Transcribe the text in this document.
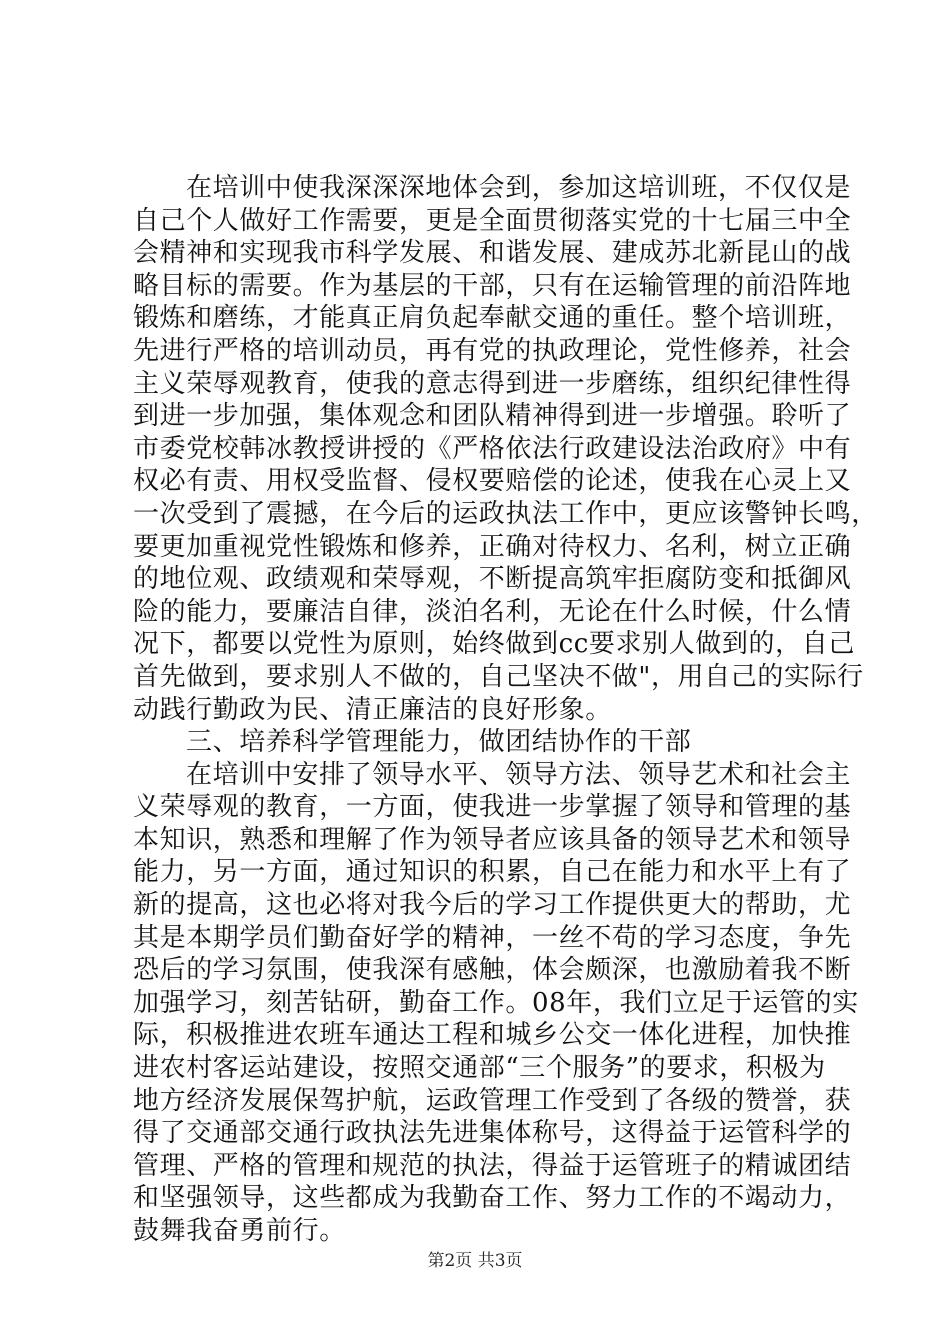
在培训中使我深深深地体会到，参加这培训班，不仅仅是
自己个人做好工作需要，更是全面贯彻落实党的十七届三中全
会精神和实现我市科学发展、和谐发展、建成苏北新昆山的战
略目标的需要。作为基层的干部，只有在运输管理的前沿阵地
锻炼和磨练，才能真正肩负起奉献交通的重任。整个培训班，
先进行严格的培训动员，再有党的执政理论，党性修养，社会
主义荣辱观教育，使我的意志得到进一步磨练，组织纪律性得
到进一步加强，集体观念和团队精神得到进一步增强。聆听了
市委党校韩冰教授讲授的《严格依法行政建设法治政府》中有
权必有责、用权受监督、侵权要赔偿的论述，使我在心灵上又
一次受到了震撼，在今后的运政执法工作中，更应该警钟长鸣，
要更加重视党性锻炼和修养，正确对待权力、名利，树立正确
的地位观、政绩观和荣辱观，不断提高筑牢拒腐防变和抵御风
险的能力，要廉洁自律，淡泊名利，无论在什么时候，什么情
况下，都要以党性为原则，始终做到cc要求别人做到的，自己
首先做到，要求别人不做的，自己坚决不做"，用自己的实际行
动践行勤政为民、清正廉洁的良好形象。
三、培养科学管理能力，做团结协作的干部
在培训中安排了领导水平、领导方法、领导艺术和社会主
义荣辱观的教育，一方面，使我进一步掌握了领导和管理的基
本知识，熟悉和理解了作为领导者应该具备的领导艺术和领导
能力，另一方面，通过知识的积累，自己在能力和水平上有了
新的提高，这也必将对我今后的学习工作提供更大的帮助，尤
其是本期学员们勤奋好学的精神，一丝不苟的学习态度，争先
恐后的学习氛围，使我深有感触，体会颇深，也激励着我不断
加强学习，刻苦钻研，勤奋工作。08年，我们立足于运管的实
际，积极推进农班车通达工程和城乡公交一体化进程，加快推
进农村客运站建设，按照交通部“三个服务”的要求，积极为
地方经济发展保驾护航，运政管理工作受到了各级的赞誉，获
得了交通部交通行政执法先进集体称号，这得益于运管科学的
管理、严格的管理和规范的执法，得益于运管班子的精诚团结
和坚强领导，这些都成为我勤奋工作、努力工作的不竭动力，
鼓舞我奋勇前行。
第2页 共3页
